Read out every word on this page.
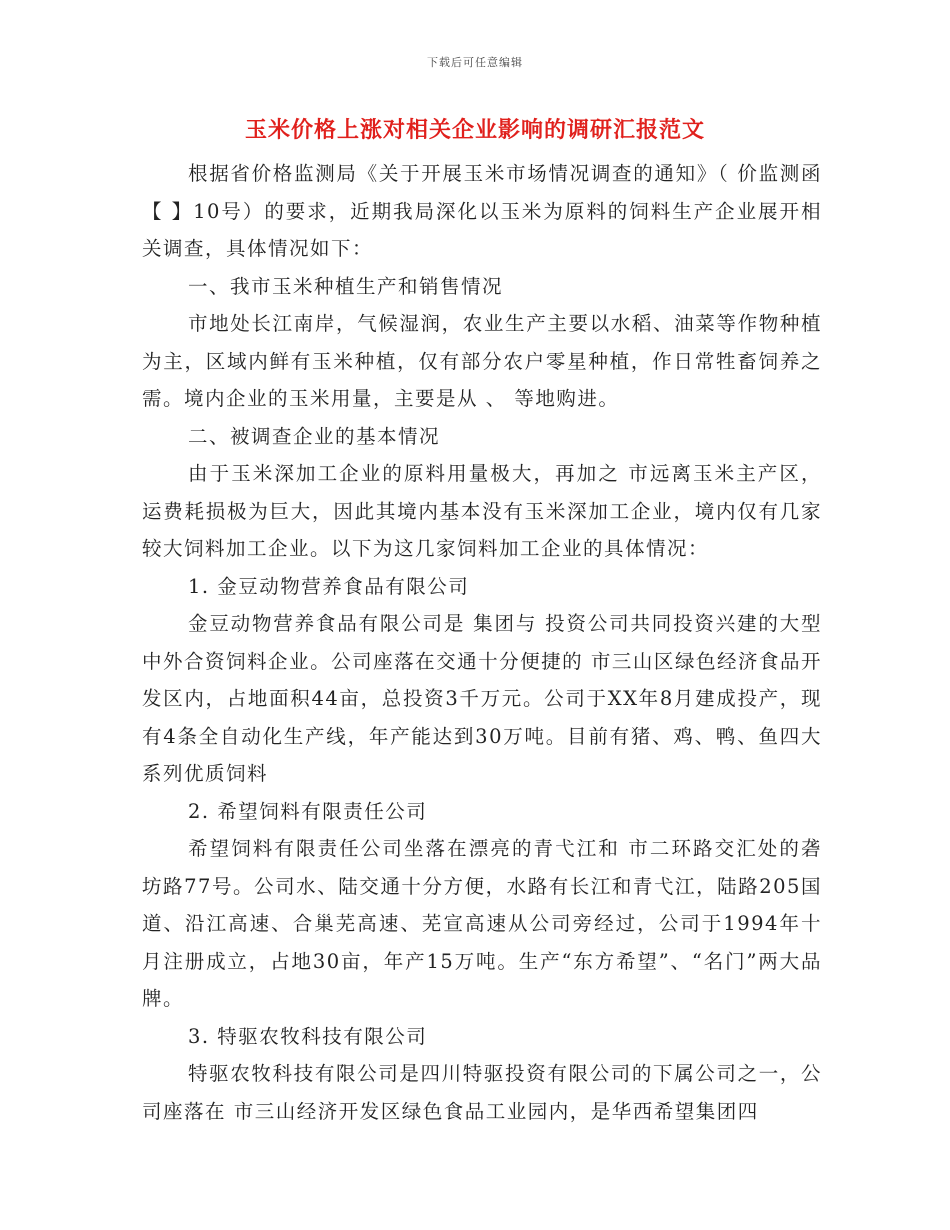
下载后可任意编辑
玉米价格上涨对相关企业影响的调研汇报范文

根据省价格监测局《关于开展玉米市场情况调查的通知》（ 价监测函【 】10号）的要求，近期我局深化以玉米为原料的饲料生产企业展开相关调查，具体情况如下：

一、我市玉米种植生产和销售情况

市地处长江南岸，气候湿润，农业生产主要以水稻、油菜等作物种植为主，区域内鲜有玉米种植，仅有部分农户零星种植，作日常牲畜饲养之需。境内企业的玉米用量，主要是从 、 等地购进。

二、被调查企业的基本情况

由于玉米深加工企业的原料用量极大，再加之 市远离玉米主产区，运费耗损极为巨大，因此其境内基本没有玉米深加工企业，境内仅有几家较大饲料加工企业。以下为这几家饲料加工企业的具体情况：

1. 金豆动物营养食品有限公司

金豆动物营养食品有限公司是 集团与 投资公司共同投资兴建的大型中外合资饲料企业。公司座落在交通十分便捷的 市三山区绿色经济食品开发区内，占地面积44亩，总投资3千万元。公司于XX年8月建成投产，现有4条全自动化生产线，年产能达到30万吨。目前有猪、鸡、鸭、鱼四大系列优质饲料

2. 希望饲料有限责任公司

希望饲料有限责任公司坐落在漂亮的青弋江和 市二环路交汇处的砻坊路77号。公司水、陆交通十分方便，水路有长江和青弋江，陆路205国道、沿江高速、合巢芜高速、芜宣高速从公司旁经过，公司于1994年十月注册成立，占地30亩，年产15万吨。生产“东方希望”、“名门”两大品牌。

3. 特驱农牧科技有限公司

特驱农牧科技有限公司是四川特驱投资有限公司的下属公司之一，公司座落在 市三山经济开发区绿色食品工业园内，是华西希望集团四
